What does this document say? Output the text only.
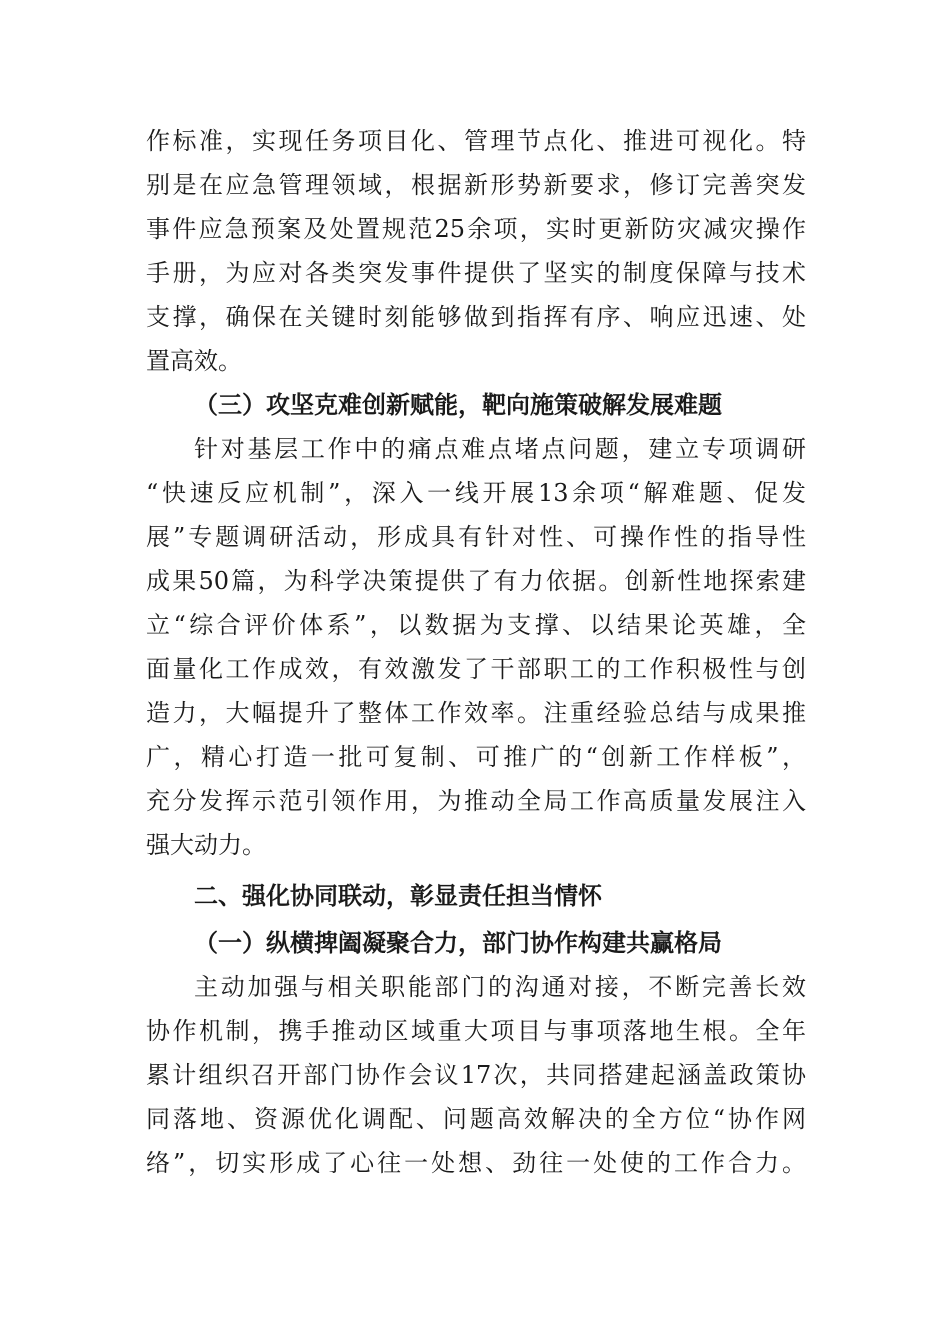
作标准，实现任务项目化、管理节点化、推进可视化。特
别是在应急管理领域，根据新形势新要求，修订完善突发
事件应急预案及处置规范25余项，实时更新防灾减灾操作
手册，为应对各类突发事件提供了坚实的制度保障与技术
支撑，确保在关键时刻能够做到指挥有序、响应迅速、处
置高效。
（三）攻坚克难创新赋能，靶向施策破解发展难题
针对基层工作中的痛点难点堵点问题，建立专项调研
“快速反应机制”，深入一线开展13余项“解难题、促发
展”专题调研活动，形成具有针对性、可操作性的指导性
成果50篇，为科学决策提供了有力依据。创新性地探索建
立“综合评价体系”，以数据为支撑、以结果论英雄，全
面量化工作成效，有效激发了干部职工的工作积极性与创
造力，大幅提升了整体工作效率。注重经验总结与成果推
广，精心打造一批可复制、可推广的“创新工作样板”，
充分发挥示范引领作用，为推动全局工作高质量发展注入
强大动力。
二、强化协同联动，彰显责任担当情怀
（一）纵横捭阖凝聚合力，部门协作构建共赢格局
主动加强与相关职能部门的沟通对接，不断完善长效
协作机制，携手推动区域重大项目与事项落地生根。全年
累计组织召开部门协作会议17次，共同搭建起涵盖政策协
同落地、资源优化调配、问题高效解决的全方位“协作网
络”，切实形成了心往一处想、劲往一处使的工作合力。
